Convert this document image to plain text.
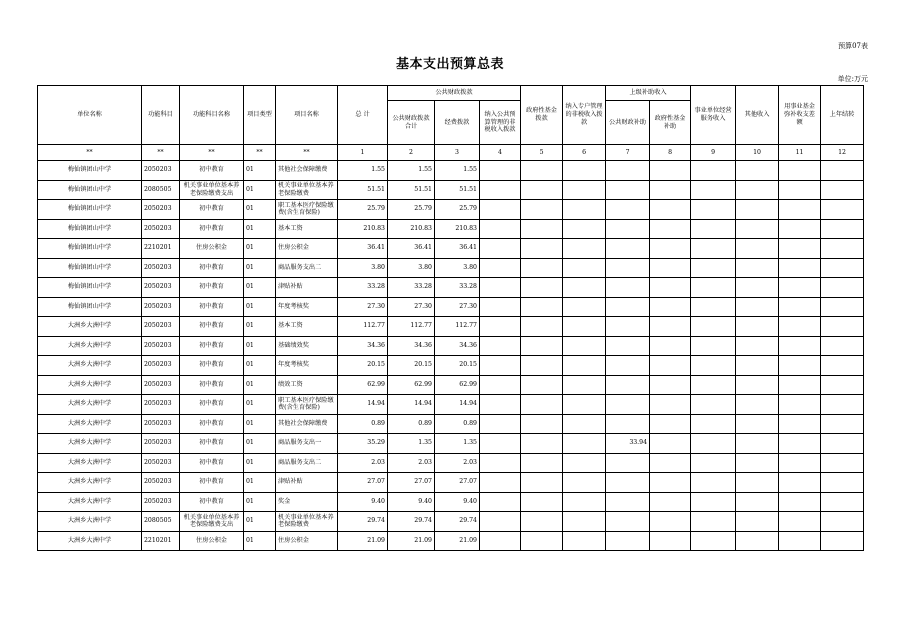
预算07表
基本支出预算总表
单位:万元
单位名称	功能科目	功能科目名称	项目类型	项目名称	总 计	公共财政拨款			政府性基金拨款	纳入专户管理的非税收入拨款	上级补助收入		事业单位经营服务收入	其他收入	用事业基金弥补收支差额	上年结转
						公共财政拨款合计	经费拨款	纳入公共预算管理的非税收入拨款			公共财政补助	政府性基金补助				
**	**	**	**	**	1	2	3	4	5	6	7	8	9	10	11	12
梅仙镇团山中学	2050203	初中教育	01	其他社会保障缴费	1.55	1.55	1.55									
梅仙镇团山中学	2080505	机关事业单位基本养老保险缴费支出	01	机关事业单位基本养老保险缴费	51.51	51.51	51.51									
梅仙镇团山中学	2050203	初中教育	01	职工基本医疗保险缴费(含生育保险)	25.79	25.79	25.79									
梅仙镇团山中学	2050203	初中教育	01	基本工资	210.83	210.83	210.83									
梅仙镇团山中学	2210201	住房公积金	01	住房公积金	36.41	36.41	36.41									
梅仙镇团山中学	2050203	初中教育	01	商品服务支出二	3.80	3.80	3.80									
梅仙镇团山中学	2050203	初中教育	01	津贴补贴	33.28	33.28	33.28									
梅仙镇团山中学	2050203	初中教育	01	年度考核奖	27.30	27.30	27.30									
大洲乡大洲中学	2050203	初中教育	01	基本工资	112.77	112.77	112.77									
大洲乡大洲中学	2050203	初中教育	01	基础绩效奖	34.36	34.36	34.36									
大洲乡大洲中学	2050203	初中教育	01	年度考核奖	20.15	20.15	20.15									
大洲乡大洲中学	2050203	初中教育	01	绩效工资	62.99	62.99	62.99									
大洲乡大洲中学	2050203	初中教育	01	职工基本医疗保险缴费(含生育保险)	14.94	14.94	14.94									
大洲乡大洲中学	2050203	初中教育	01	其他社会保障缴费	0.89	0.89	0.89									
大洲乡大洲中学	2050203	初中教育	01	商品服务支出一	35.29	1.35	1.35				33.94					
大洲乡大洲中学	2050203	初中教育	01	商品服务支出二	2.03	2.03	2.03									
大洲乡大洲中学	2050203	初中教育	01	津贴补贴	27.07	27.07	27.07									
大洲乡大洲中学	2050203	初中教育	01	奖金	9.40	9.40	9.40									
大洲乡大洲中学	2080505	机关事业单位基本养老保险缴费支出	01	机关事业单位基本养老保险缴费	29.74	29.74	29.74									
大洲乡大洲中学	2210201	住房公积金	01	住房公积金	21.09	21.09	21.09									
